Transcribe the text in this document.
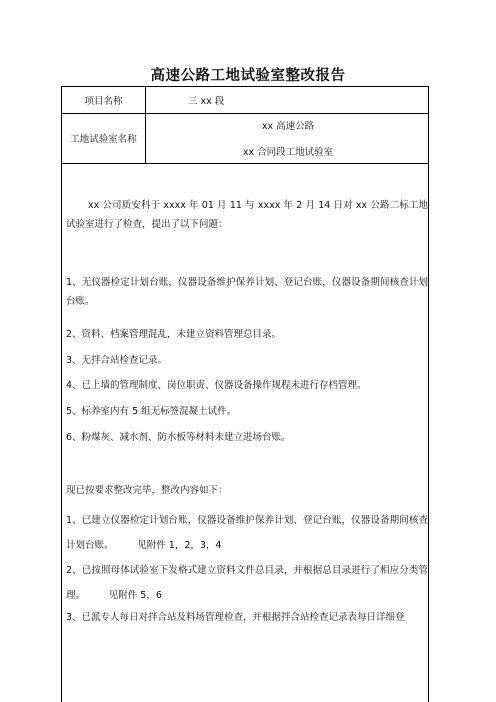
高速公路工地试验室整改报告
项目名称	三 xx 段
工地试验室名称
xx 高速公路
xx 合同段工地试验室
xx 公司质安科于 xxxx 年 01 月 11 与 xxxx 年 2 月 14 日对 xx 公路二标工地试验室进行了检查，提出了以下问题：
1、无仪器检定计划台账，仪器设备维护保养计划、登记台账，仪器设备期间核查计划台账。
2、资料、档案管理混乱，未建立资料管理总目录。
3、无拌合站检查记录。
4、已上墙的管理制度、岗位职责、仪器设备操作规程未进行存档管理。
5、标养室内有 5 组无标签混凝土试件。
6、粉煤灰、减水剂、防水板等材料未建立进场台账。
现已按要求整改完毕，整改内容如下：
1、已建立仪器检定计划台账，仪器设备维护保养计划、登记台账，仪器设备期间核查计划台账。　　　见附件 1，2，3，4
2、已按照母体试验室下发格式建立资料文件总目录，并根据总目录进行了相应分类管理。　　　见附件 5，6
3、已派专人每日对拌合站及料场管理检查，并根据拌合站检查记录表每日详细登
